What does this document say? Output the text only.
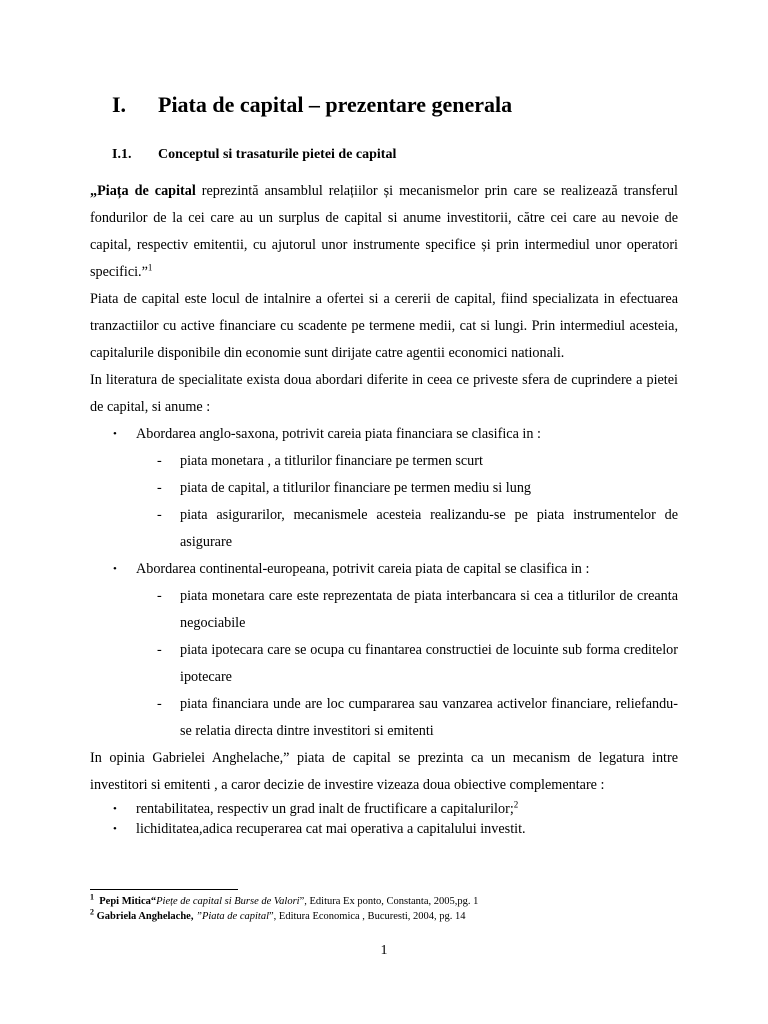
I. Piata de capital – prezentare generala
I.1. Conceptul si trasaturile pietei de capital

„Piața de capital reprezintă ansamblul relațiilor și mecanismelor prin care se realizează transferul fondurilor de la cei care au un surplus de capital si anume investitorii, către cei care au nevoie de capital, respectiv emitentii, cu ajutorul unor instrumente specifice și prin intermediul unor operatori specifici.”$^1$

Piata de capital este locul de intalnire a ofertei si a cererii de capital, fiind specializata in efectuarea tranzactiilor cu active financiare cu scadente pe termene medii, cat si lungi. Prin intermediul acesteia, capitalurile disponibile din economie sunt dirijate catre agentii economici nationali.

In literatura de specialitate exista doua abordari diferite in ceea ce priveste sfera de cuprindere a pietei de capital, si anume :

• Abordarea anglo-saxona, potrivit careia piata financiara se clasifica in :
- piata monetara , a titlurilor financiare pe termen scurt
- piata de capital, a titlurilor financiare pe termen mediu si lung
- piata asigurarilor, mecanismele acesteia realizandu-se pe piata instrumentelor de asigurare
• Abordarea continental-europeana, potrivit careia piata de capital se clasifica in :
- piata monetara care este reprezentata de piata interbancara si cea a titlurilor de creanta negociabile
- piata ipotecara care se ocupa cu finantarea constructiei de locuinte sub forma creditelor ipotecare
- piata financiara unde are loc cumpararea sau vanzarea activelor financiare, reliefandu-se relatia directa dintre investitori si emitenti

In opinia Gabrielei Anghelache,” piata de capital se prezinta ca un mecanism de legatura intre investitori si emitenti , a caror decizie de investire vizeaza doua obiective complementare :

• rentabilitatea, respectiv un grad inalt de fructificare a capitalurilor;$^2$
• lichiditatea,adica recuperarea cat mai operativa a capitalului investit.
$^1$ Pepi Mitica“Piețe de capital si Burse de Valori”, Editura Ex ponto, Constanta, 2005,pg. 1
$^2$ Gabriela Anghelache, ”Piata de capital”, Editura Economica , Bucuresti, 2004, pg. 14
1
